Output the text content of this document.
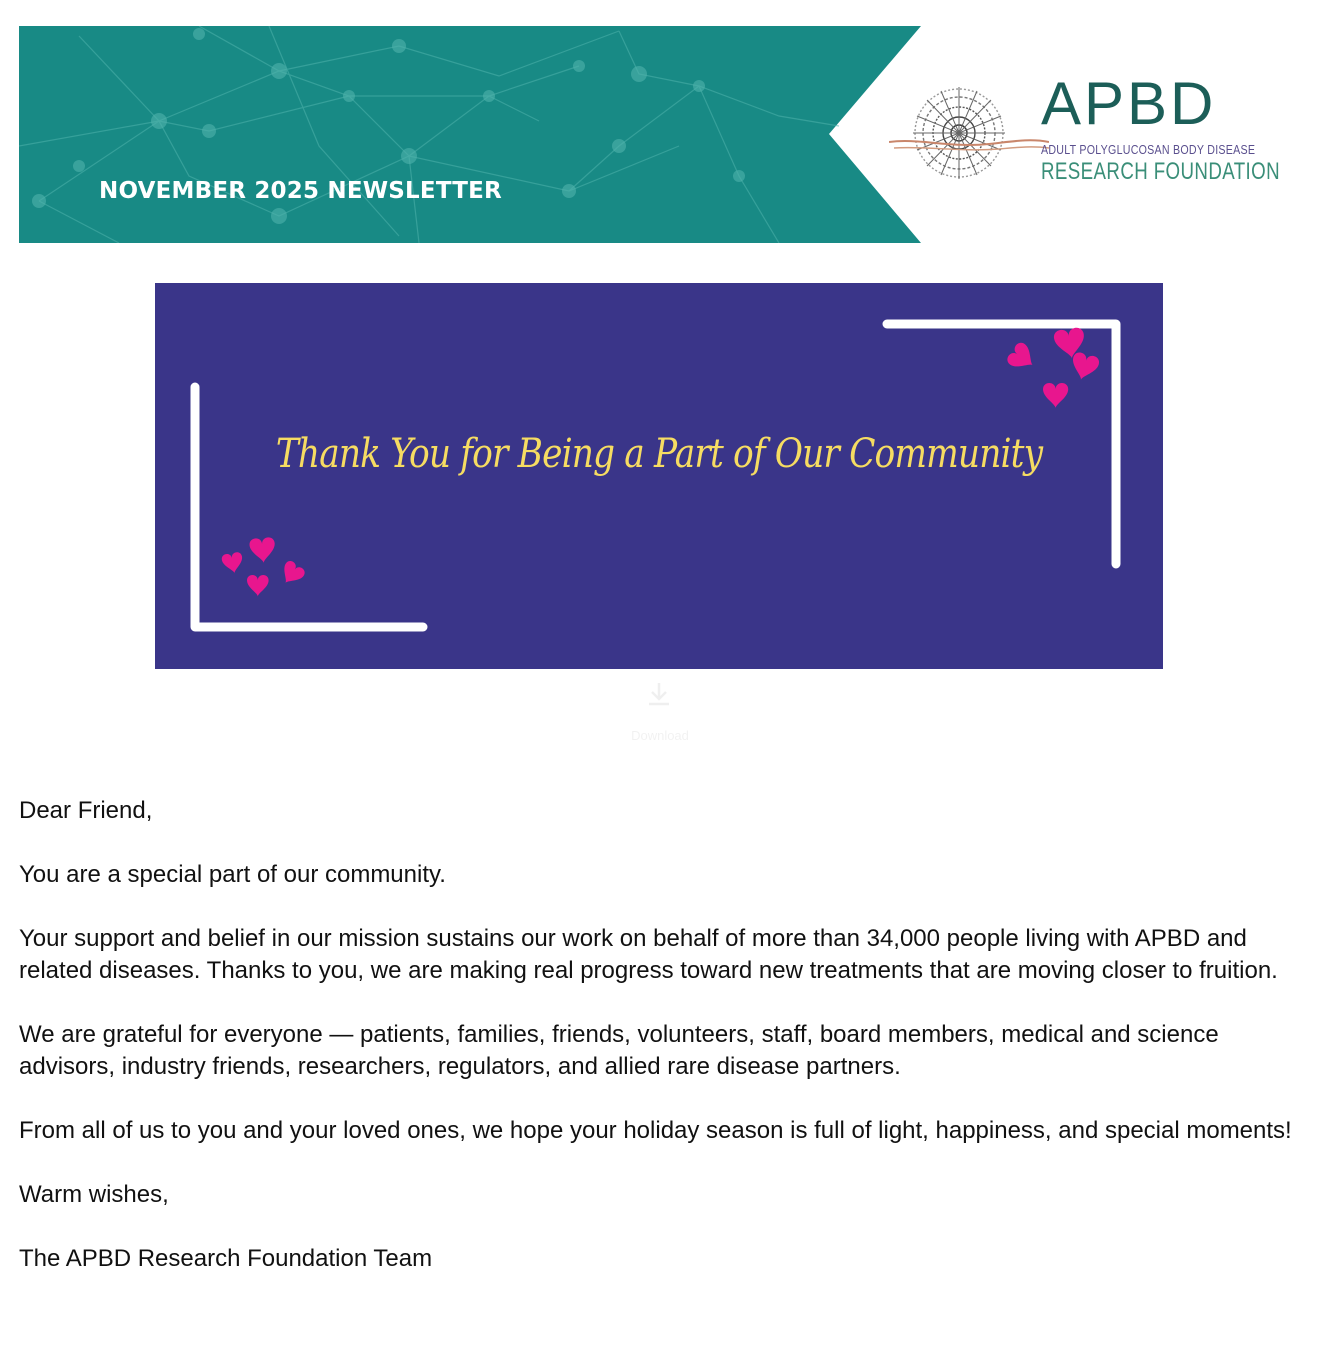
NOVEMBER 2025 NEWSLETTER
APBD
ADULT POLYGLUCOSAN BODY DISEASE
RESEARCH FOUNDATION
Thank You for Being a Part of Our Community
Download

Dear Friend,

You are a special part of our community.

Your support and belief in our mission sustains our work on behalf of more than 34,000 people living with APBD and related diseases. Thanks to you, we are making real progress toward new treatments that are moving closer to fruition.

We are grateful for everyone — patients, families, friends, volunteers, staff, board members, medical and science advisors, industry friends, researchers, regulators, and allied rare disease partners.

From all of us to you and your loved ones, we hope your holiday season is full of light, happiness, and special moments!

Warm wishes,

The APBD Research Foundation Team
